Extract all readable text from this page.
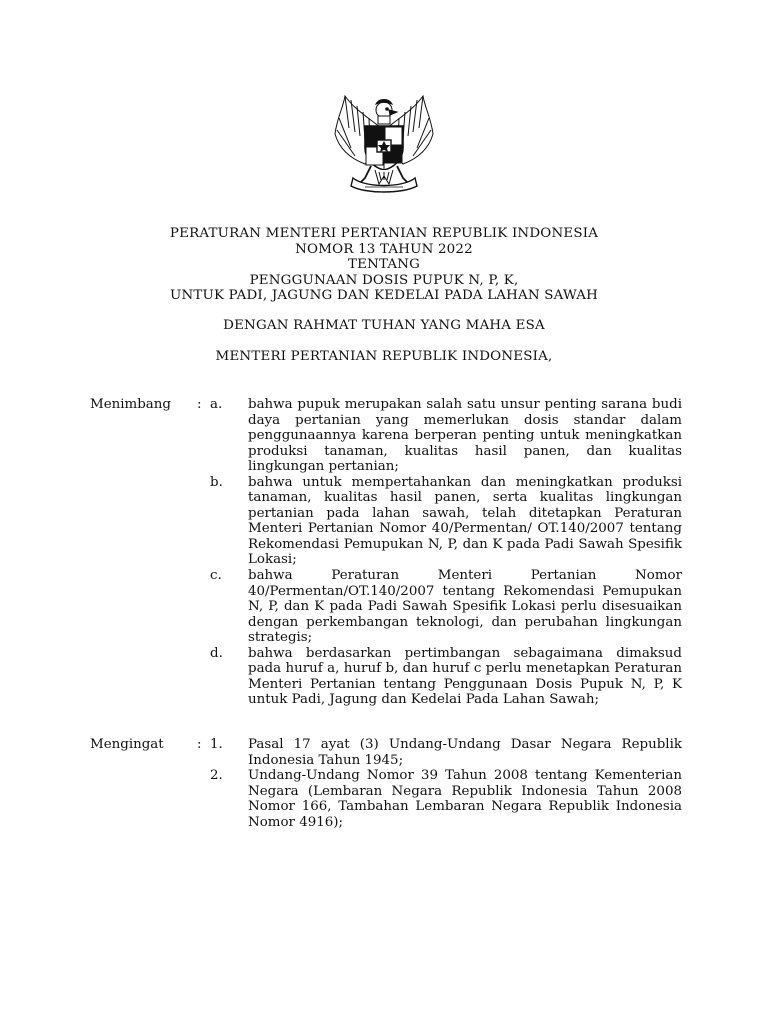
PERATURAN MENTERI PERTANIAN REPUBLIK INDONESIA
NOMOR 13 TAHUN 2022
TENTANG
PENGGUNAAN DOSIS PUPUK N, P, K,
UNTUK PADI, JAGUNG DAN KEDELAI PADA LAHAN SAWAH
DENGAN RAHMAT TUHAN YANG MAHA ESA
MENTERI PERTANIAN REPUBLIK INDONESIA,
Menimbang : a. bahwa pupuk merupakan salah satu unsur penting sarana budi daya pertanian yang memerlukan dosis standar dalam penggunaannya karena berperan penting untuk meningkatkan produksi tanaman, kualitas hasil panen, dan kualitas lingkungan pertanian;
b. bahwa untuk mempertahankan dan meningkatkan produksi tanaman, kualitas hasil panen, serta kualitas lingkungan pertanian pada lahan sawah, telah ditetapkan Peraturan Menteri Pertanian Nomor 40/Permentan/ OT.140/2007 tentang Rekomendasi Pemupukan N, P, dan K pada Padi Sawah Spesifik Lokasi;
c. bahwa Peraturan Menteri Pertanian Nomor 40/Permentan/OT.140/2007 tentang Rekomendasi Pemupukan N, P, dan K pada Padi Sawah Spesifik Lokasi perlu disesuaikan dengan perkembangan teknologi, dan perubahan lingkungan strategis;
d. bahwa berdasarkan pertimbangan sebagaimana dimaksud pada huruf a, huruf b, dan huruf c perlu menetapkan Peraturan Menteri Pertanian tentang Penggunaan Dosis Pupuk N, P, K untuk Padi, Jagung dan Kedelai Pada Lahan Sawah;
Mengingat : 1. Pasal 17 ayat (3) Undang-Undang Dasar Negara Republik Indonesia Tahun 1945;
2. Undang-Undang Nomor 39 Tahun 2008 tentang Kementerian Negara (Lembaran Negara Republik Indonesia Tahun 2008 Nomor 166, Tambahan Lembaran Negara Republik Indonesia Nomor 4916);
